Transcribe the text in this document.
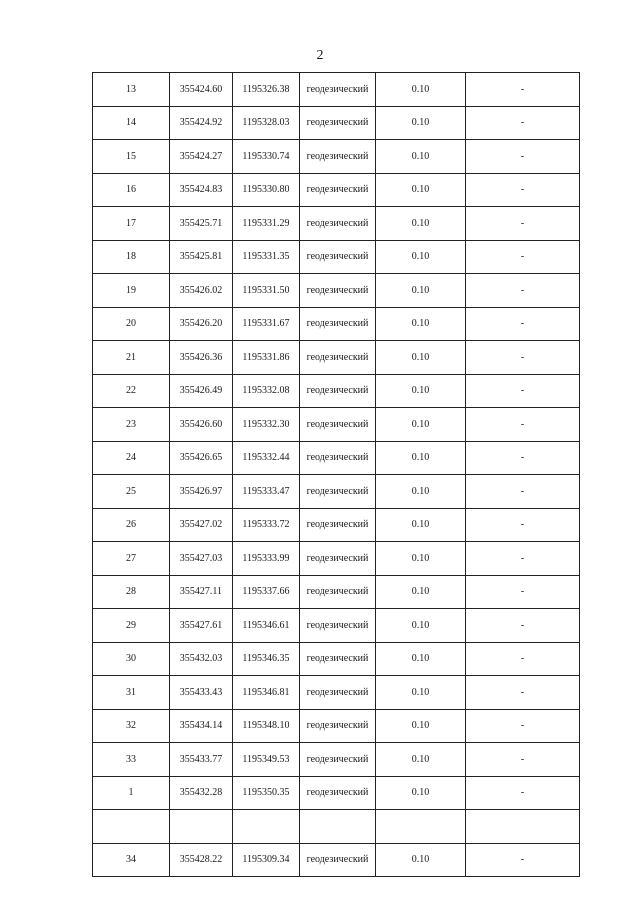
2
13	355424.60	1195326.38	геодезический	0.10	-
14	355424.92	1195328.03	геодезический	0.10	-
15	355424.27	1195330.74	геодезический	0.10	-
16	355424.83	1195330.80	геодезический	0.10	-
17	355425.71	1195331.29	геодезический	0.10	-
18	355425.81	1195331.35	геодезический	0.10	-
19	355426.02	1195331.50	геодезический	0.10	-
20	355426.20	1195331.67	геодезический	0.10	-
21	355426.36	1195331.86	геодезический	0.10	-
22	355426.49	1195332.08	геодезический	0.10	-
23	355426.60	1195332.30	геодезический	0.10	-
24	355426.65	1195332.44	геодезический	0.10	-
25	355426.97	1195333.47	геодезический	0.10	-
26	355427.02	1195333.72	геодезический	0.10	-
27	355427.03	1195333.99	геодезический	0.10	-
28	355427.11	1195337.66	геодезический	0.10	-
29	355427.61	1195346.61	геодезический	0.10	-
30	355432.03	1195346.35	геодезический	0.10	-
31	355433.43	1195346.81	геодезический	0.10	-
32	355434.14	1195348.10	геодезический	0.10	-
33	355433.77	1195349.53	геодезический	0.10	-
1	355432.28	1195350.35	геодезический	0.10	-

34	355428.22	1195309.34	геодезический	0.10	-
